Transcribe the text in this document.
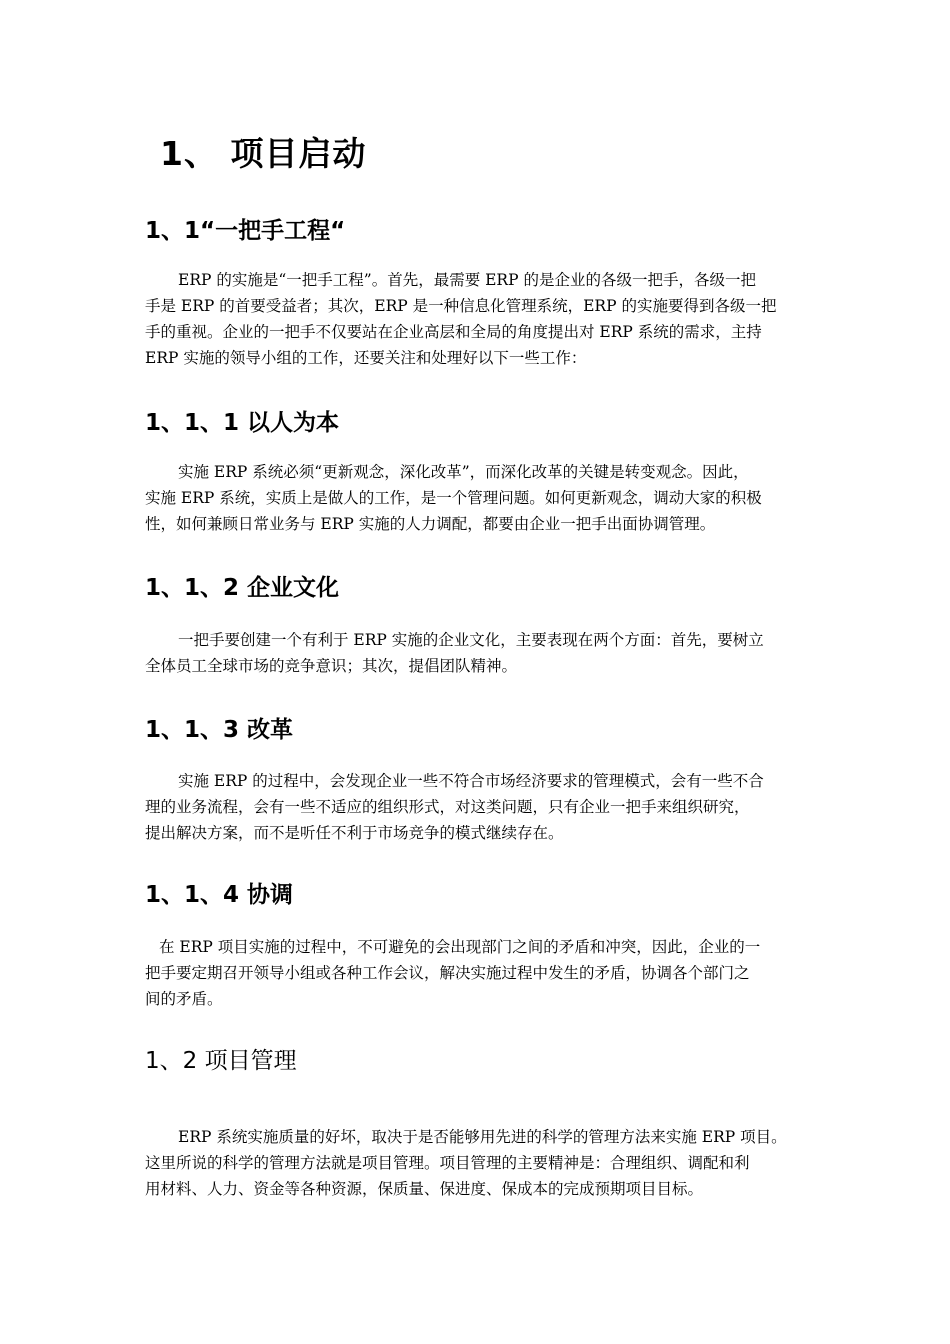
1、 项目启动
1、1“一把手工程“
ERP 的实施是“一把手工程”。首先，最需要 ERP 的是企业的各级一把手，各级一把
手是 ERP 的首要受益者；其次，ERP 是一种信息化管理系统，ERP 的实施要得到各级一把
手的重视。企业的一把手不仅要站在企业高层和全局的角度提出对 ERP 系统的需求，主持
ERP 实施的领导小组的工作，还要关注和处理好以下一些工作：
1、1、1 以人为本
实施 ERP 系统必须“更新观念，深化改革”，而深化改革的关键是转变观念。因此，
实施 ERP 系统，实质上是做人的工作，是一个管理问题。如何更新观念，调动大家的积极
性，如何兼顾日常业务与 ERP 实施的人力调配，都要由企业一把手出面协调管理。
1、1、2 企业文化
一把手要创建一个有利于 ERP 实施的企业文化，主要表现在两个方面：首先，要树立
全体员工全球市场的竞争意识；其次，提倡团队精神。
1、1、3 改革
实施 ERP 的过程中，会发现企业一些不符合市场经济要求的管理模式，会有一些不合
理的业务流程，会有一些不适应的组织形式，对这类问题，只有企业一把手来组织研究，
提出解决方案，而不是听任不利于市场竞争的模式继续存在。
1、1、4 协调
在 ERP 项目实施的过程中，不可避免的会出现部门之间的矛盾和冲突，因此，企业的一
把手要定期召开领导小组或各种工作会议，解决实施过程中发生的矛盾，协调各个部门之
间的矛盾。
1、2 项目管理
ERP 系统实施质量的好坏，取决于是否能够用先进的科学的管理方法来实施 ERP 项目。
这里所说的科学的管理方法就是项目管理。项目管理的主要精神是：合理组织、调配和利
用材料、人力、资金等各种资源，保质量、保进度、保成本的完成预期项目目标。
